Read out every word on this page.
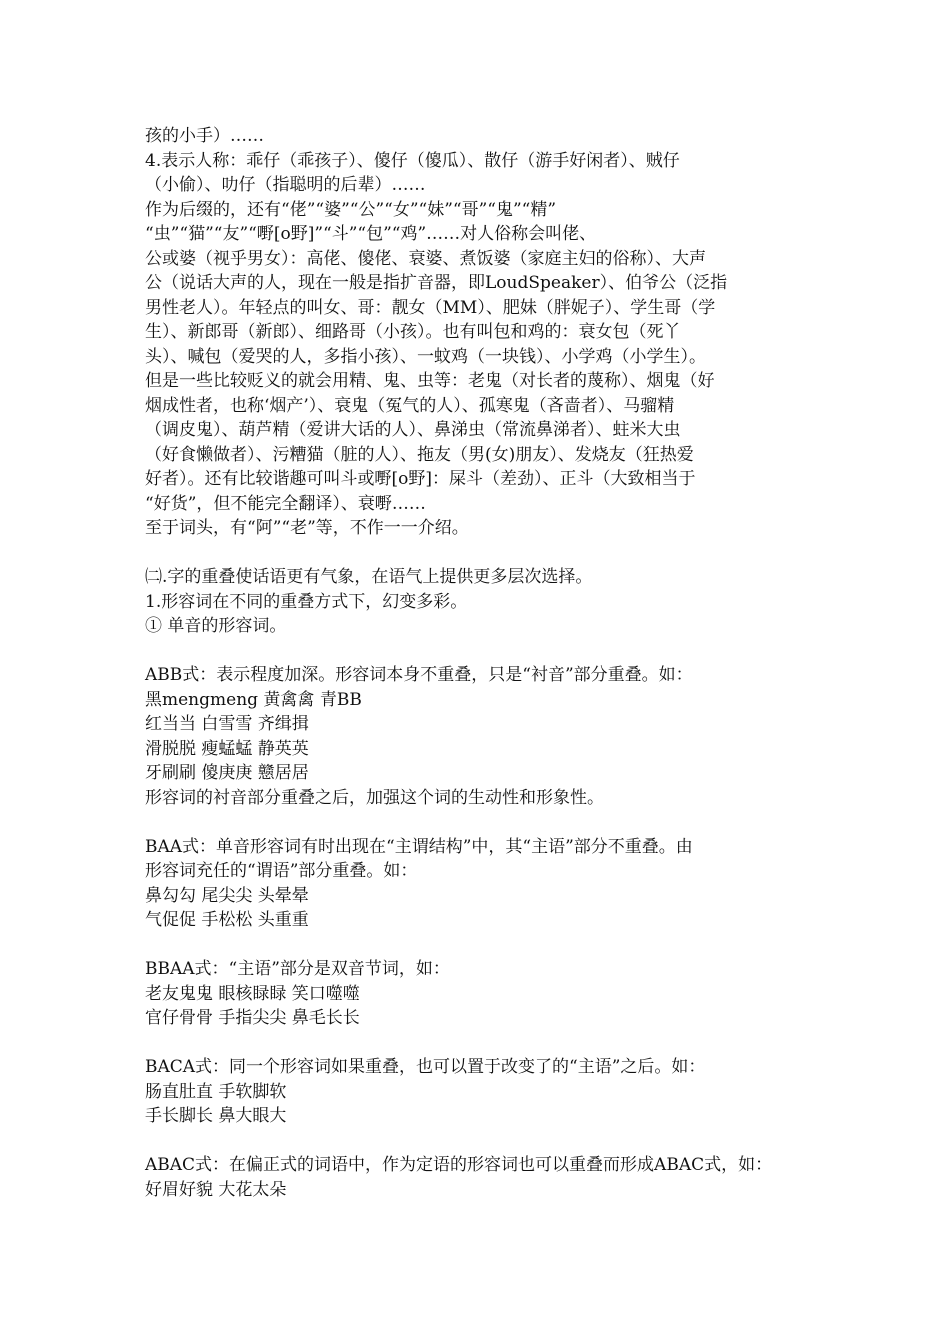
孩的小手）……
4.表示人称：乖仔（乖孩子）、傻仔（傻瓜）、散仔（游手好闲者）、贼仔
（小偷）、叻仔（指聪明的后辈）……
作为后缀的，还有“佬”“婆”“公”“女”“妹”“哥”“鬼”“精”
“虫”“猫”“友”“嘢[o野]”“斗”“包”“鸡”……对人俗称会叫佬、
公或婆（视乎男女）：高佬、傻佬、衰婆、煮饭婆（家庭主妇的俗称）、大声
公（说话大声的人，现在一般是指扩音器，即LoudSpeaker）、伯爷公（泛指
男性老人）。年轻点的叫女、哥：靓女（MM）、肥妹（胖妮子）、学生哥（学
生）、新郎哥（新郎）、细路哥（小孩）。也有叫包和鸡的：衰女包（死丫
头）、喊包（爱哭的人，多指小孩）、一蚊鸡（一块钱）、小学鸡（小学生）。
但是一些比较贬义的就会用精、鬼、虫等：老鬼（对长者的蔑称）、烟鬼（好
烟成性者，也称‘烟产’）、衰鬼（冤气的人）、孤寒鬼（吝啬者）、马骝精
（调皮鬼）、葫芦精（爱讲大话的人）、鼻涕虫（常流鼻涕者）、蛀米大虫
（好食懒做者）、污糟猫（脏的人）、拖友（男(女)朋友）、发烧友（狂热爱
好者）。还有比较谐趣可叫斗或嘢[o野]：屎斗（差劲）、正斗（大致相当于
“好货”，但不能完全翻译）、衰嘢……
至于词头，有“阿”“老”等，不作一一介绍。
㈡.字的重叠使话语更有气象，在语气上提供更多层次选择。
1.形容词在不同的重叠方式下，幻变多彩。
① 单音的形容词。
ABB式：表示程度加深。形容词本身不重叠，只是“衬音”部分重叠。如：
黑mengmeng 黄禽禽 青BB
红当当 白雪雪 齐缉揖
滑脱脱 瘦蜢蜢 静英英
牙刷刷 傻庚庚 戆居居
形容词的衬音部分重叠之后，加强这个词的生动性和形象性。
BAA式：单音形容词有时出现在“主谓结构”中，其“主语”部分不重叠。由
形容词充任的“谓语”部分重叠。如：
鼻勾勾 尾尖尖 头晕晕
气促促 手松松 头重重
BBAA式：“主语”部分是双音节词，如：
老友鬼鬼 眼核睩睩 笑口噬噬
官仔骨骨 手指尖尖 鼻毛长长
BACA式：同一个形容词如果重叠，也可以置于改变了的“主语”之后。如：
肠直肚直 手软脚软
手长脚长 鼻大眼大
ABAC式：在偏正式的词语中，作为定语的形容词也可以重叠而形成ABAC式，如：
好眉好貌 大花太朵
